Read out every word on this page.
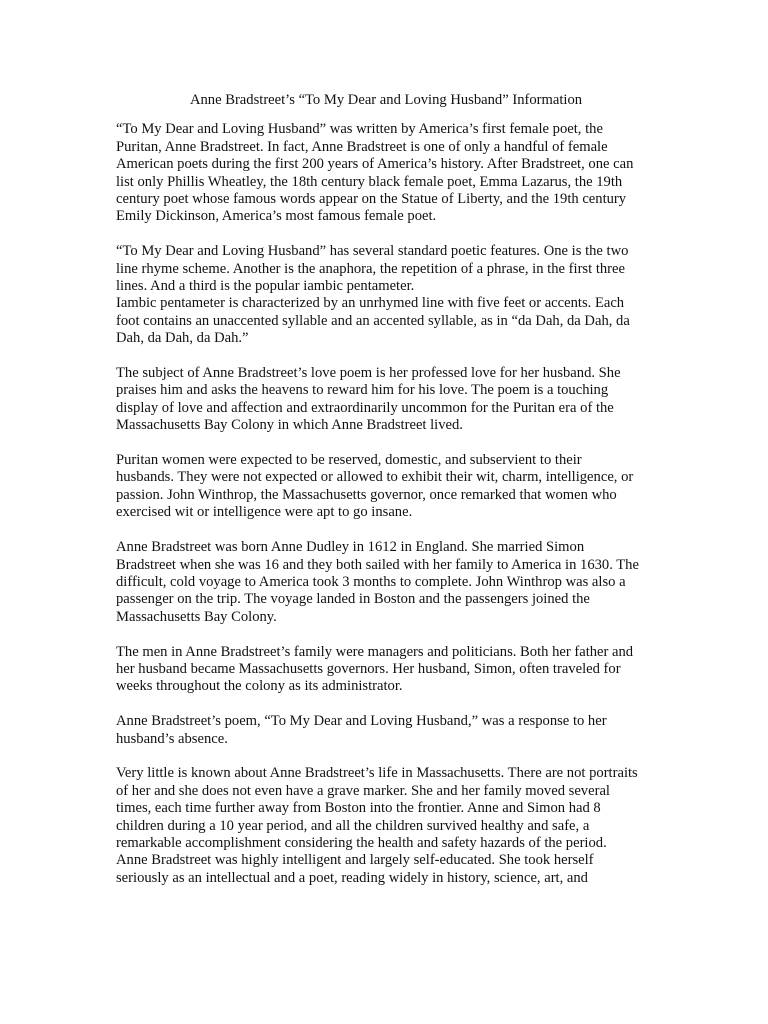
Anne Bradstreet’s “To My Dear and Loving Husband” Information
“To My Dear and Loving Husband” was written by America’s first female poet, the
Puritan, Anne Bradstreet. In fact, Anne Bradstreet is one of only a handful of female
American poets during the first 200 years of America’s history. After Bradstreet, one can
list only Phillis Wheatley, the 18th century black female poet, Emma Lazarus, the 19th
century poet whose famous words appear on the Statue of Liberty, and the 19th century
Emily Dickinson, America’s most famous female poet.
“To My Dear and Loving Husband” has several standard poetic features. One is the two
line rhyme scheme. Another is the anaphora, the repetition of a phrase, in the first three
lines. And a third is the popular iambic pentameter.
Iambic pentameter is characterized by an unrhymed line with five feet or accents. Each
foot contains an unaccented syllable and an accented syllable, as in “da Dah, da Dah, da
Dah, da Dah, da Dah.”
The subject of Anne Bradstreet’s love poem is her professed love for her husband. She
praises him and asks the heavens to reward him for his love. The poem is a touching
display of love and affection and extraordinarily uncommon for the Puritan era of the
Massachusetts Bay Colony in which Anne Bradstreet lived.
Puritan women were expected to be reserved, domestic, and subservient to their
husbands. They were not expected or allowed to exhibit their wit, charm, intelligence, or
passion. John Winthrop, the Massachusetts governor, once remarked that women who
exercised wit or intelligence were apt to go insane.
Anne Bradstreet was born Anne Dudley in 1612 in England. She married Simon
Bradstreet when she was 16 and they both sailed with her family to America in 1630. The
difficult, cold voyage to America took 3 months to complete. John Winthrop was also a
passenger on the trip. The voyage landed in Boston and the passengers joined the
Massachusetts Bay Colony.
The men in Anne Bradstreet’s family were managers and politicians. Both her father and
her husband became Massachusetts governors. Her husband, Simon, often traveled for
weeks throughout the colony as its administrator.
Anne Bradstreet’s poem, “To My Dear and Loving Husband,” was a response to her
husband’s absence.
Very little is known about Anne Bradstreet’s life in Massachusetts. There are not portraits
of her and she does not even have a grave marker. She and her family moved several
times, each time further away from Boston into the frontier. Anne and Simon had 8
children during a 10 year period, and all the children survived healthy and safe, a
remarkable accomplishment considering the health and safety hazards of the period.
Anne Bradstreet was highly intelligent and largely self-educated. She took herself
seriously as an intellectual and a poet, reading widely in history, science, art, and
